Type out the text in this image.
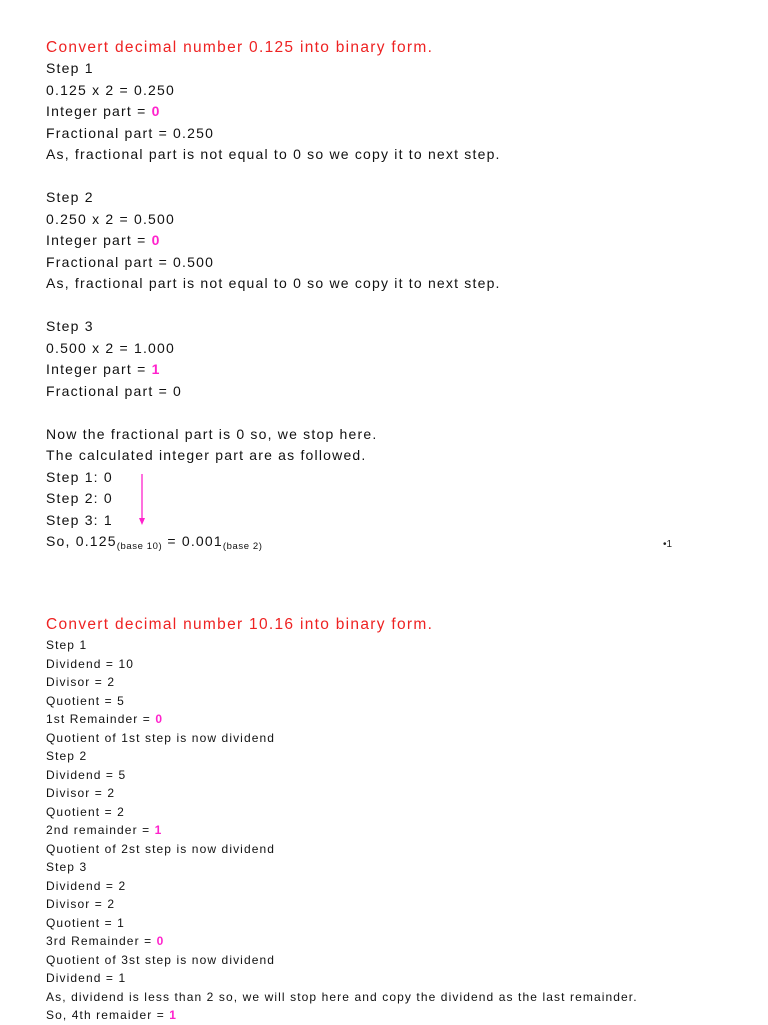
Convert decimal number 0.125 into binary form.
Step 1
0.125 x 2 = 0.250
Integer part = 0
Fractional part = 0.250
As, fractional part is not equal to 0 so we copy it to next step.
Step 2
0.250 x 2 = 0.500
Integer part = 0
Fractional part = 0.500
As, fractional part is not equal to 0 so we copy it to next step.
Step 3
0.500 x 2 = 1.000
Integer part = 1
Fractional part = 0
Now the fractional part is 0 so, we stop here.
The calculated integer part are as followed.
Step 1: 0
Step 2: 0
Step 3: 1
So, $0.125_{(base 10)} = 0.001_{(base 2)}$
Convert decimal number 10.16 into binary form.
Step 1
Dividend = 10
Divisor = 2
Quotient = 5
1st Remainder = 0
Quotient of 1st step is now dividend
Step 2
Dividend = 5
Divisor = 2
Quotient = 2
2nd remainder = 1
Quotient of 2st step is now dividend
Step 3
Dividend = 2
Divisor = 2
Quotient = 1
3rd Remainder = 0
Quotient of 3st step is now dividend
Dividend = 1
As, dividend is less than 2 so, we will stop here and copy the dividend as the last remainder.
So, 4th remaider = 1
•1
